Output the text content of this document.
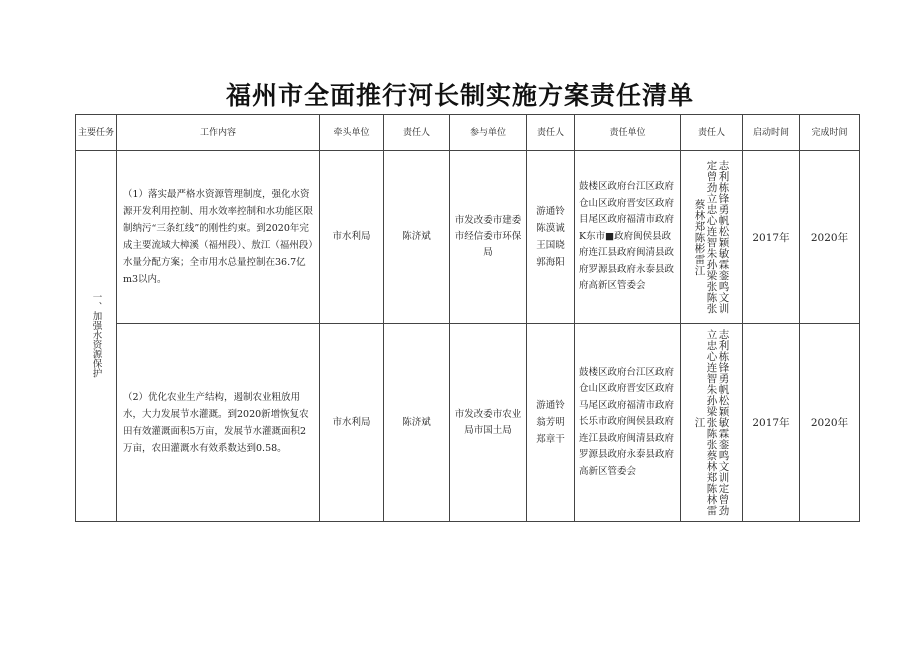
福州市全面推行河长制实施方案责任清单
主要任务	工作内容	牵头单位	责任人	参与单位	责任人	责任单位	责任人	启动时间	完成时间
一、加强水资源保护	（1）落实最严格水资源管理制度，强化水资源开发利用控制、用水效率控制和水功能区限制纳污“三条红线”的刚性约束。到2020年完成主要流域大樟溪（福州段）、敖江（福州段）水量分配方案；全市用水总量控制在36.7亿m3以内。	市水利局	陈济斌	市发改委市建委市经信委市环保局	游通铃陈漠诚王国晓郭海阳	鼓楼区政府台江区政府仓山区政府晋安区政府目尾区政府福清市政府K东市■政府闽侯县政府连江县政府闽清县政府罗源县政府永泰县政府高新区管委会	志利栋锋勇帆松颖敏霖銮鸣文训定曾劲立忠心连智朱孙梁张陈张蔡林郑陈彬雷江	2017年	2020年
	（2）优化农业生产结构，遏制农业粗放用水，大力发展节水灌溉。到2020新增恢复农田有效灌溉面积5万亩，发展节水灌溉面积2万亩，农田灌溉水有效系数达到0.58。	市水利局	陈济斌	市发改委市农业局市国土局	游通铃翁芳明郑章干	鼓楼区政府台江区政府仓山区政府晋安区政府马尾区政府福清市政府长乐市政府闽侯县政府连江县政府闽清县政府罗源县政府永泰县政府高新区管委会	志利栋锋勇帆松颖敏霖銮鸣文训定曾劲立忠心连智朱孙梁张陈张蔡林郑陈林雷江	2017年	2020年
